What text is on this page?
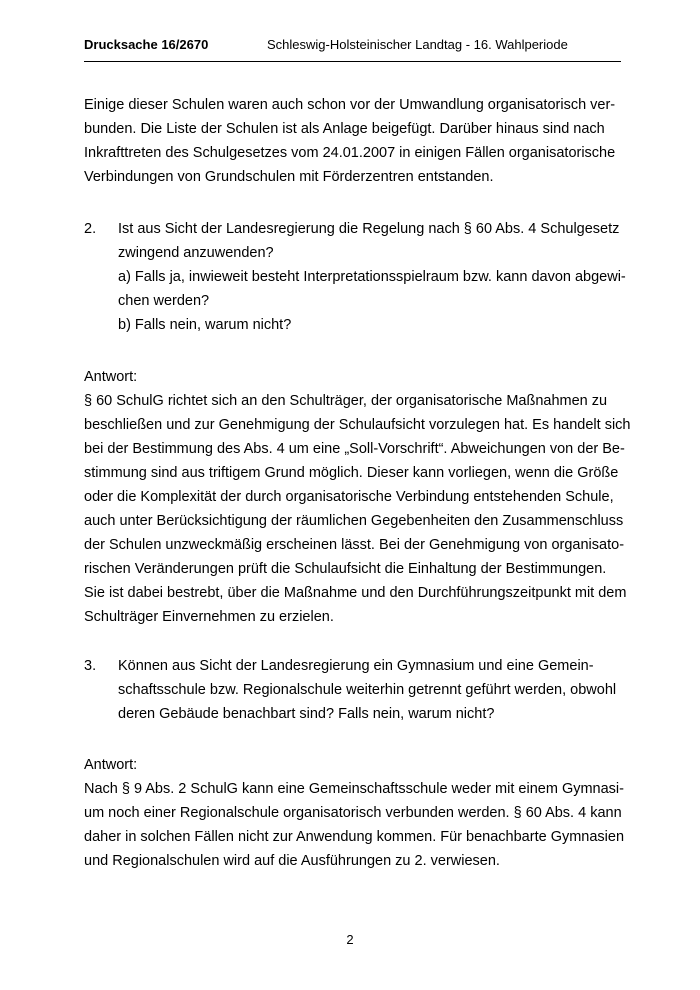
Drucksache 16/2670	Schleswig-Holsteinischer Landtag - 16. Wahlperiode
Einige dieser Schulen waren auch schon vor der Umwandlung organisatorisch ver-
bunden. Die Liste der Schulen ist als Anlage beigefügt. Darüber hinaus sind nach
Inkrafttreten des Schulgesetzes vom 24.01.2007 in einigen Fällen organisatorische
Verbindungen von Grundschulen mit Förderzentren entstanden.
2. Ist aus Sicht der Landesregierung die Regelung nach § 60 Abs. 4 Schulgesetz
zwingend anzuwenden?
a) Falls ja, inwieweit besteht Interpretationsspielraum bzw. kann davon abgewi-
chen werden?
b) Falls nein, warum nicht?
Antwort:
§ 60 SchulG richtet sich an den Schulträger, der organisatorische Maßnahmen zu
beschließen und zur Genehmigung der Schulaufsicht vorzulegen hat. Es handelt sich
bei der Bestimmung des Abs. 4 um eine „Soll-Vorschrift“. Abweichungen von der Be-
stimmung sind aus triftigem Grund möglich. Dieser kann vorliegen, wenn die Größe
oder die Komplexität der durch organisatorische Verbindung entstehenden Schule,
auch unter Berücksichtigung der räumlichen Gegebenheiten den Zusammenschluss
der Schulen unzweckmäßig erscheinen lässt. Bei der Genehmigung von organisato-
rischen Veränderungen prüft die Schulaufsicht die Einhaltung der Bestimmungen.
Sie ist dabei bestrebt, über die Maßnahme und den Durchführungszeitpunkt mit dem
Schulträger Einvernehmen zu erzielen.
3. Können aus Sicht der Landesregierung ein Gymnasium und eine Gemein-
schaftsschule bzw. Regionalschule weiterhin getrennt geführt werden, obwohl
deren Gebäude benachbart sind? Falls nein, warum nicht?
Antwort:
Nach § 9 Abs. 2 SchulG kann eine Gemeinschaftsschule weder mit einem Gymnasi-
um noch einer Regionalschule organisatorisch verbunden werden. § 60 Abs. 4 kann
daher in solchen Fällen nicht zur Anwendung kommen. Für benachbarte Gymnasien
und Regionalschulen wird auf die Ausführungen zu 2. verwiesen.
2
